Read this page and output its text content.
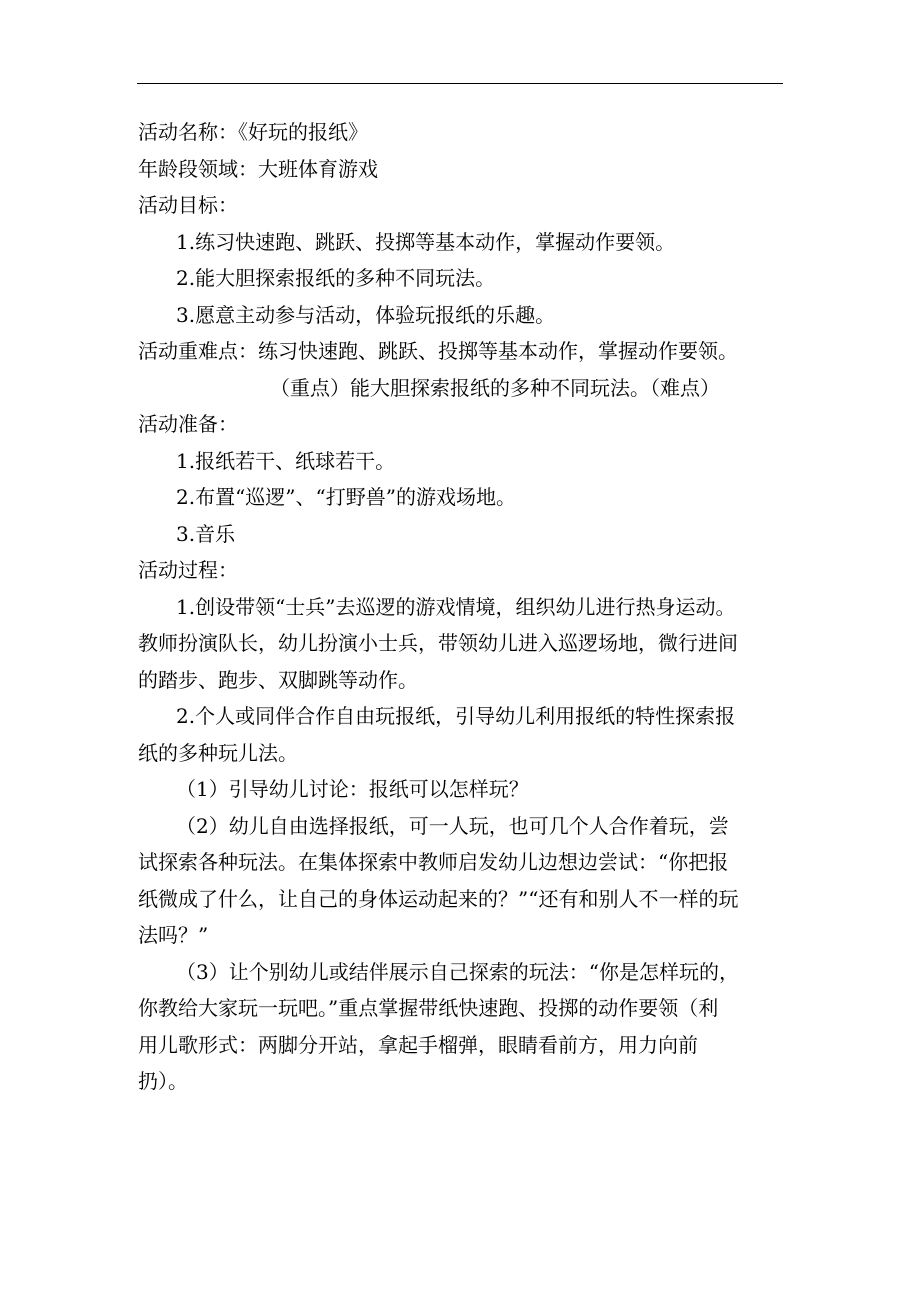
活动名称：《好玩的报纸》
年龄段领域：大班体育游戏
活动目标：
1.练习快速跑、跳跃、投掷等基本动作，掌握动作要领。
2.能大胆探索报纸的多种不同玩法。
3.愿意主动参与活动，体验玩报纸的乐趣。
活动重难点：练习快速跑、跳跃、投掷等基本动作，掌握动作要领。
（重点）能大胆探索报纸的多种不同玩法。（难点）
活动准备：
1.报纸若干、纸球若干。
2.布置“巡逻”、“打野兽”的游戏场地。
3.音乐
活动过程：
1.创设带领“士兵”去巡逻的游戏情境，组织幼儿进行热身运动。
教师扮演队长，幼儿扮演小士兵，带领幼儿进入巡逻场地，微行进间
的踏步、跑步、双脚跳等动作。
2.个人或同伴合作自由玩报纸，引导幼儿利用报纸的特性探索报
纸的多种玩儿法。
（1）引导幼儿讨论：报纸可以怎样玩？
（2）幼儿自由选择报纸，可一人玩，也可几个人合作着玩，尝
试探索各种玩法。在集体探索中教师启发幼儿边想边尝试：“你把报
纸微成了什么，让自己的身体运动起来的？”“还有和别人不一样的玩
法吗？”
（3）让个别幼儿或结伴展示自己探索的玩法：“你是怎样玩的，
你教给大家玩一玩吧。”重点掌握带纸快速跑、投掷的动作要领（利
用儿歌形式：两脚分开站，拿起手榴弹，眼睛看前方，用力向前
扔）。
